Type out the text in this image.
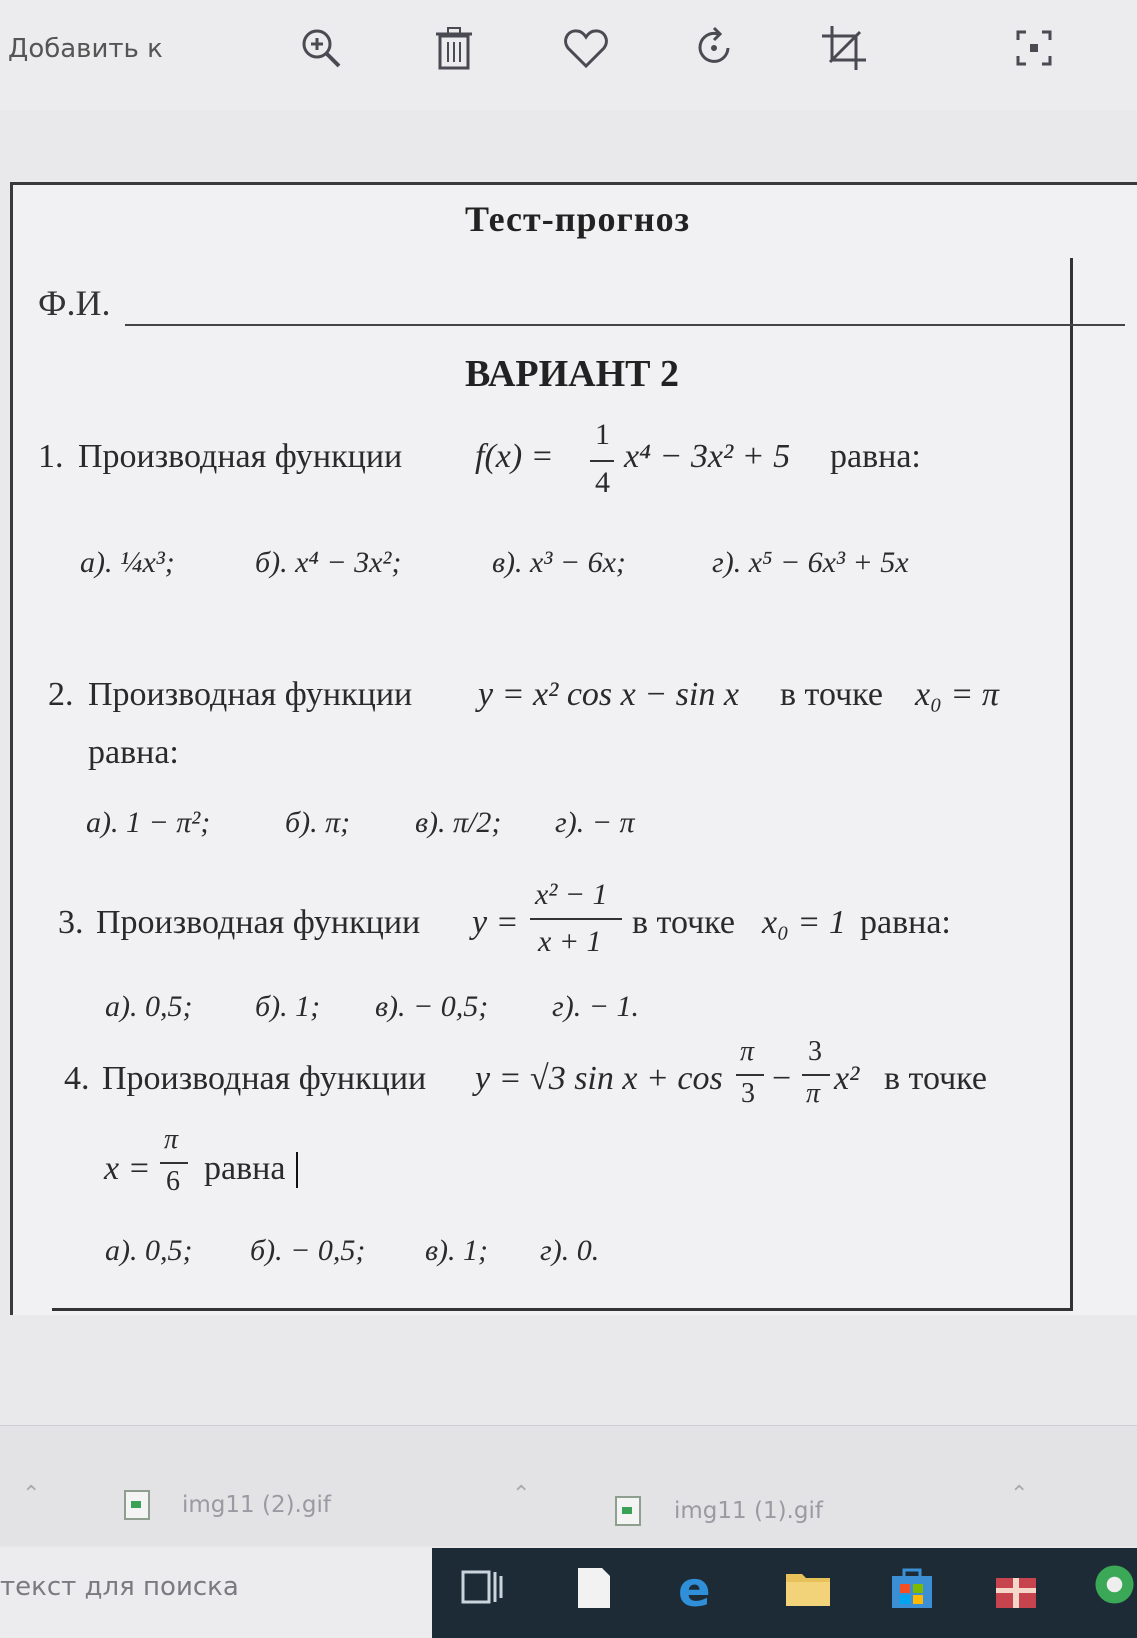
Добавить к
Тест-прогноз
Ф.И.
ВАРИАНТ 2
1. Производная функции f(x) =
1
4
x⁴ − 3x² + 5 равна:
а). ¼x³;	б). x⁴ − 3x²;	в). x³ − 6x;	г). x⁵ − 6x³ + 5x
2. Производная функции y = x² cos x − sin x в точке x₀ = π
равна:
а). 1 − π²; б). π; в). π/2; г). − π
3. Производная функции y =
x² − 1
x + 1
в точке x₀ = 1 равна:
а). 0,5; б). 1; в). − 0,5; г). − 1.
4. Производная функции y = √3 sin x + cos
π
3 −
3
π x² в точке
x =
π
6 равна
а). 0,5; б). − 0,5; в). 1; г). 0.
⌃	img11 (2).gif	⌃
img11 (1).gif
⌃
текст для поиска	e
